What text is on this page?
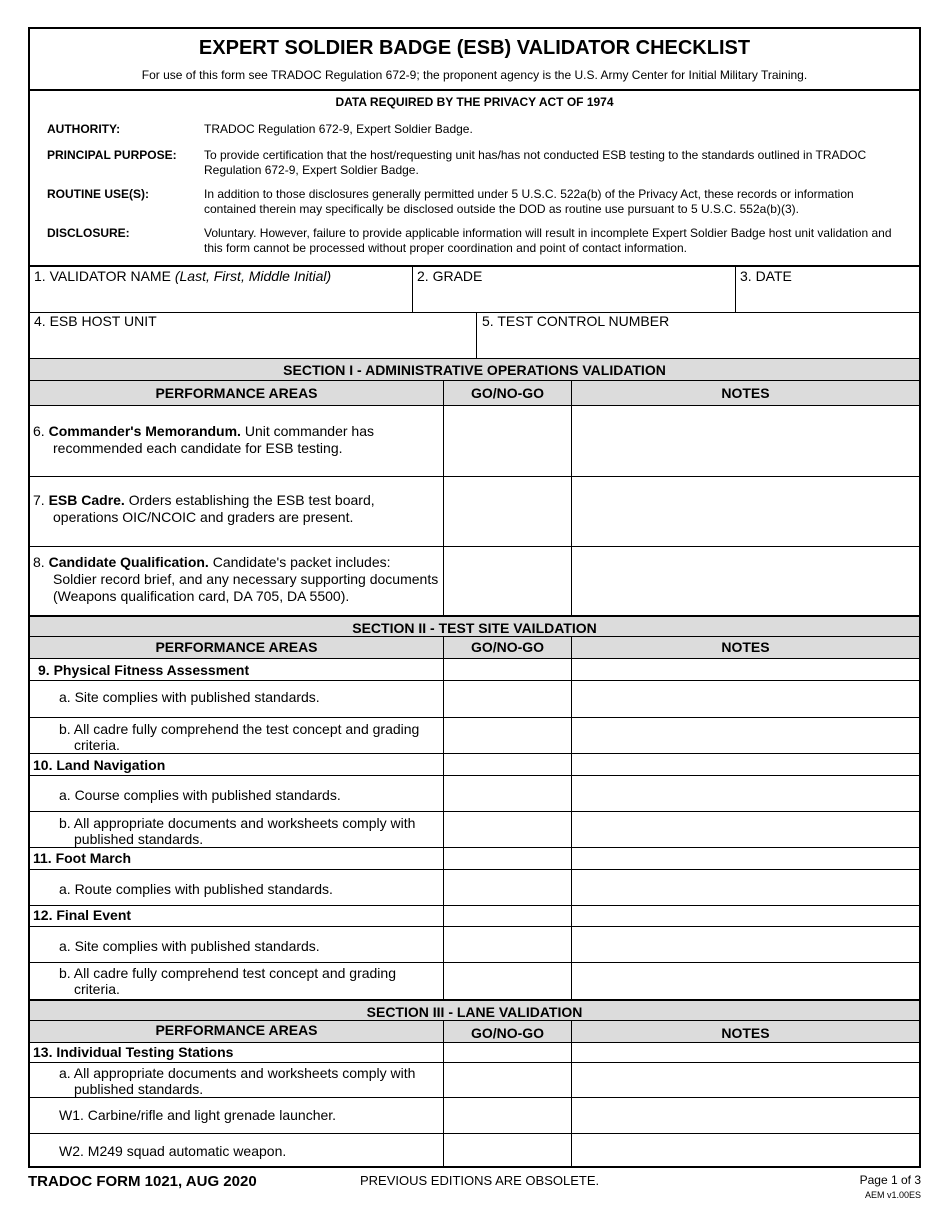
EXPERT SOLDIER BADGE (ESB) VALIDATOR CHECKLIST
For use of this form see TRADOC Regulation 672-9; the proponent agency is the U.S. Army Center for Initial Military Training.
DATA REQUIRED BY THE PRIVACY ACT OF 1974
AUTHORITY:	TRADOC Regulation 672-9, Expert Soldier Badge.
PRINCIPAL PURPOSE: To provide certification that the host/requesting unit has/has not conducted ESB testing to the standards outlined in TRADOC Regulation 672-9, Expert Soldier Badge.
ROUTINE USE(S):	In addition to those disclosures generally permitted under 5 U.S.C. 522a(b) of the Privacy Act, these records or information contained therein may specifically be disclosed outside the DOD as routine use pursuant to 5 U.S.C. 552a(b)(3).
DISCLOSURE:	Voluntary. However, failure to provide applicable information will result in incomplete Expert Soldier Badge host unit validation and this form cannot be processed without proper coordination and point of contact information.
1. VALIDATOR NAME (Last, First, Middle Initial)	2. GRADE	3. DATE
4. ESB HOST UNIT	5. TEST CONTROL NUMBER
SECTION I - ADMINISTRATIVE OPERATIONS VALIDATION
PERFORMANCE AREAS	GO/NO-GO	NOTES
6. Commander's Memorandum. Unit commander has
recommended each candidate for ESB testing.
7. ESB Cadre. Orders establishing the ESB test board,
operations OIC/NCOIC and graders are present.
8. Candidate Qualification. Candidate's packet includes:
Soldier record brief, and any necessary supporting documents
(Weapons qualification card, DA 705, DA 5500).
SECTION II - TEST SITE VAILDATION
PERFORMANCE AREAS	GO/NO-GO	NOTES
9. Physical Fitness Assessment
a. Site complies with published standards.
b. All cadre fully comprehend the test concept and grading criteria.
10. Land Navigation
a. Course complies with published standards.
b. All appropriate documents and worksheets comply with published standards.
11. Foot March
a. Route complies with published standards.
12. Final Event
a. Site complies with published standards.
b. All cadre fully comprehend test concept and grading criteria.
SECTION III - LANE VALIDATION
PERFORMANCE AREAS	GO/NO-GO	NOTES
13. Individual Testing Stations
a. All appropriate documents and worksheets comply with published standards.
W1. Carbine/rifle and light grenade launcher.
W2. M249 squad automatic weapon.
TRADOC FORM 1021, AUG 2020	PREVIOUS EDITIONS ARE OBSOLETE.	Page 1 of 3
AEM v1.00ES
